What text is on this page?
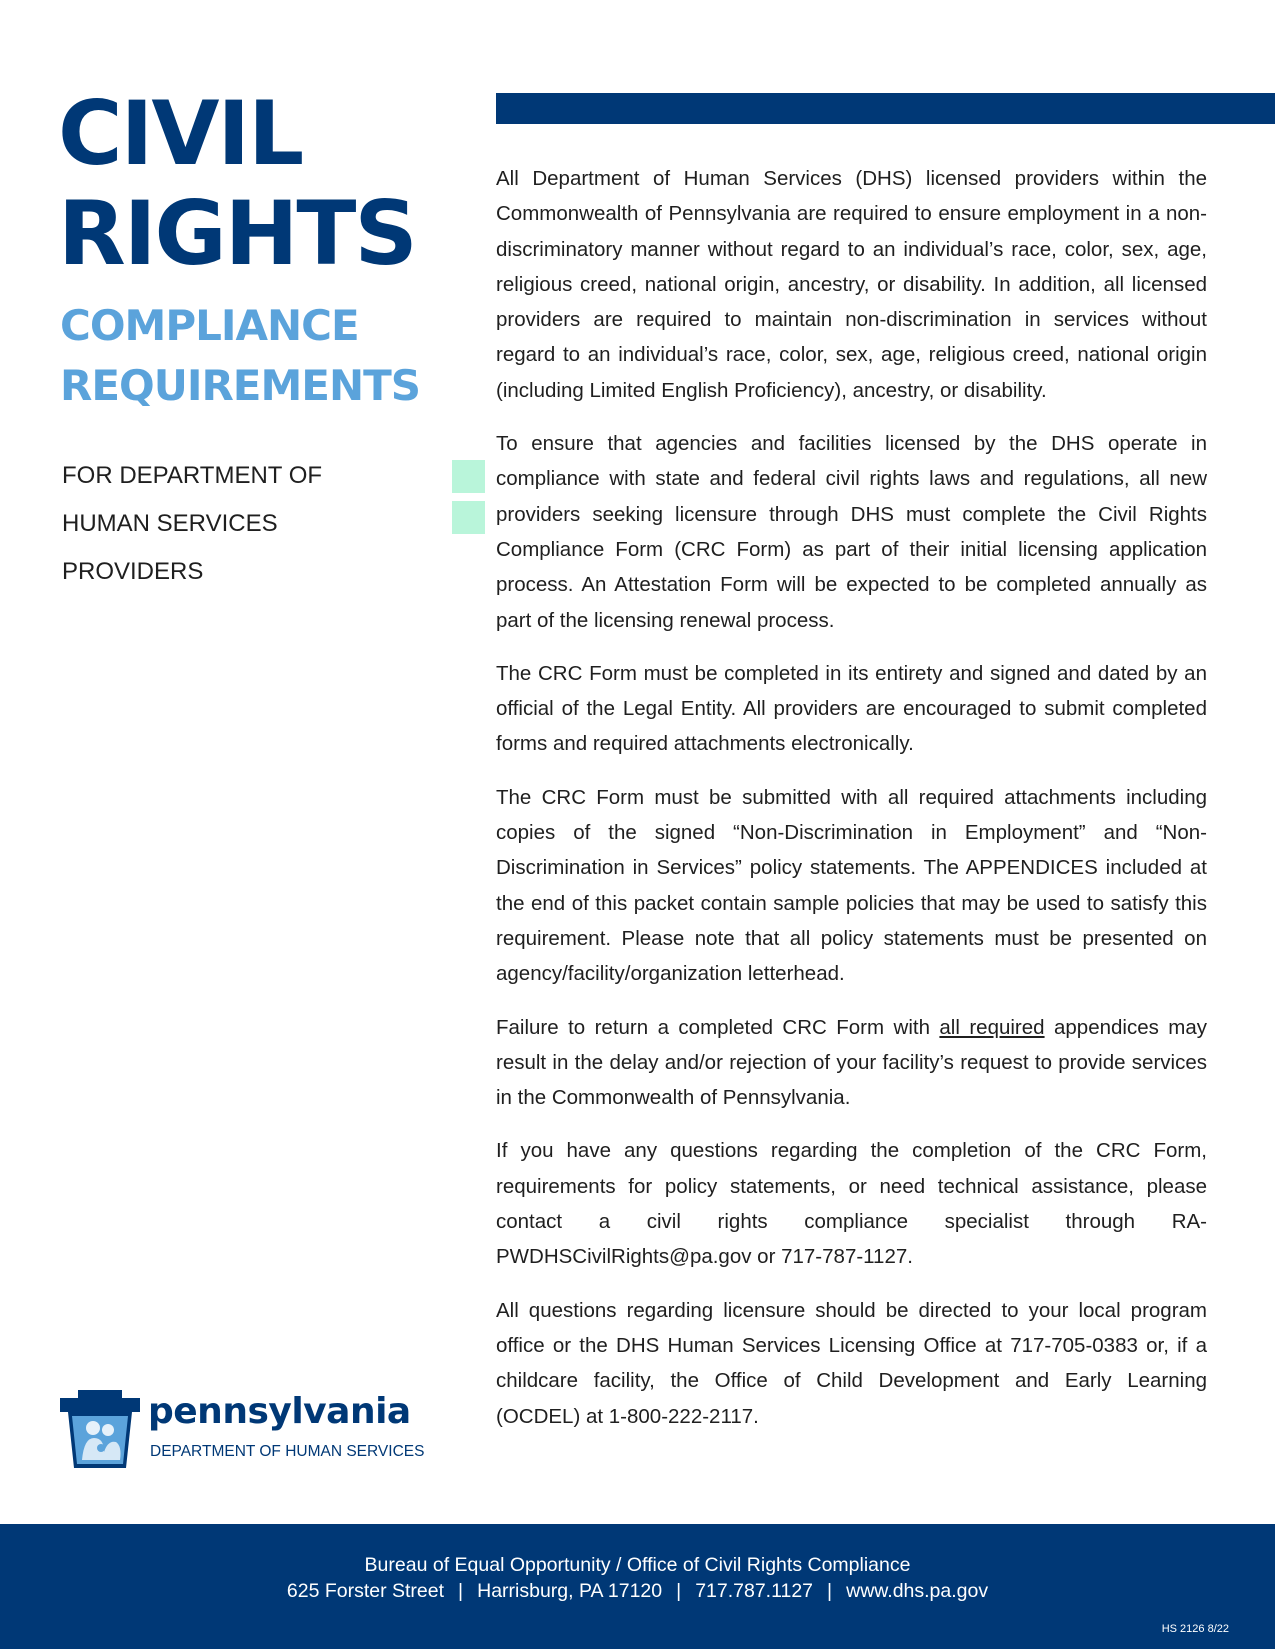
CIVIL
RIGHTS
COMPLIANCE
REQUIREMENTS
FOR DEPARTMENT OF
HUMAN SERVICES
PROVIDERS

All Department of Human Services (DHS) licensed providers within the Commonwealth of Pennsylvania are required to ensure employment in a non-discriminatory manner without regard to an individual’s race, color, sex, age, religious creed, national origin, ancestry, or disability. In addition, all licensed providers are required to maintain non-discrimination in services without regard to an individual’s race, color, sex, age, religious creed, national origin (including Limited English Proficiency), ancestry, or disability.

To ensure that agencies and facilities licensed by the DHS operate in compliance with state and federal civil rights laws and regulations, all new providers seeking licensure through DHS must complete the Civil Rights Compliance Form (CRC Form) as part of their initial licensing application process. An Attestation Form will be expected to be completed annually as part of the licensing renewal process.

The CRC Form must be completed in its entirety and signed and dated by an official of the Legal Entity. All providers are encouraged to submit completed forms and required attachments electronically.

The CRC Form must be submitted with all required attachments including copies of the signed “Non-Discrimination in Employment” and “Non-Discrimination in Services” policy statements. The APPENDICES included at the end of this packet contain sample policies that may be used to satisfy this requirement. Please note that all policy statements must be presented on agency/facility/organization letterhead.

Failure to return a completed CRC Form with all required appendices may result in the delay and/or rejection of your facility’s request to provide services in the Commonwealth of Pennsylvania.

If you have any questions regarding the completion of the CRC Form, requirements for policy statements, or need technical assistance, please contact a civil rights compliance specialist through RA-PWDHSCivilRights@pa.gov or 717-787-1127.

All questions regarding licensure should be directed to your local program office or the DHS Human Services Licensing Office at 717-705-0383 or, if a childcare facility, the Office of Child Development and Early Learning (OCDEL) at 1-800-222-2117.

pennsylvania
DEPARTMENT OF HUMAN SERVICES
Bureau of Equal Opportunity / Office of Civil Rights Compliance
625 Forster Street | Harrisburg, PA 17120 | 717.787.1127 | www.dhs.pa.gov
HS 2126 8/22
